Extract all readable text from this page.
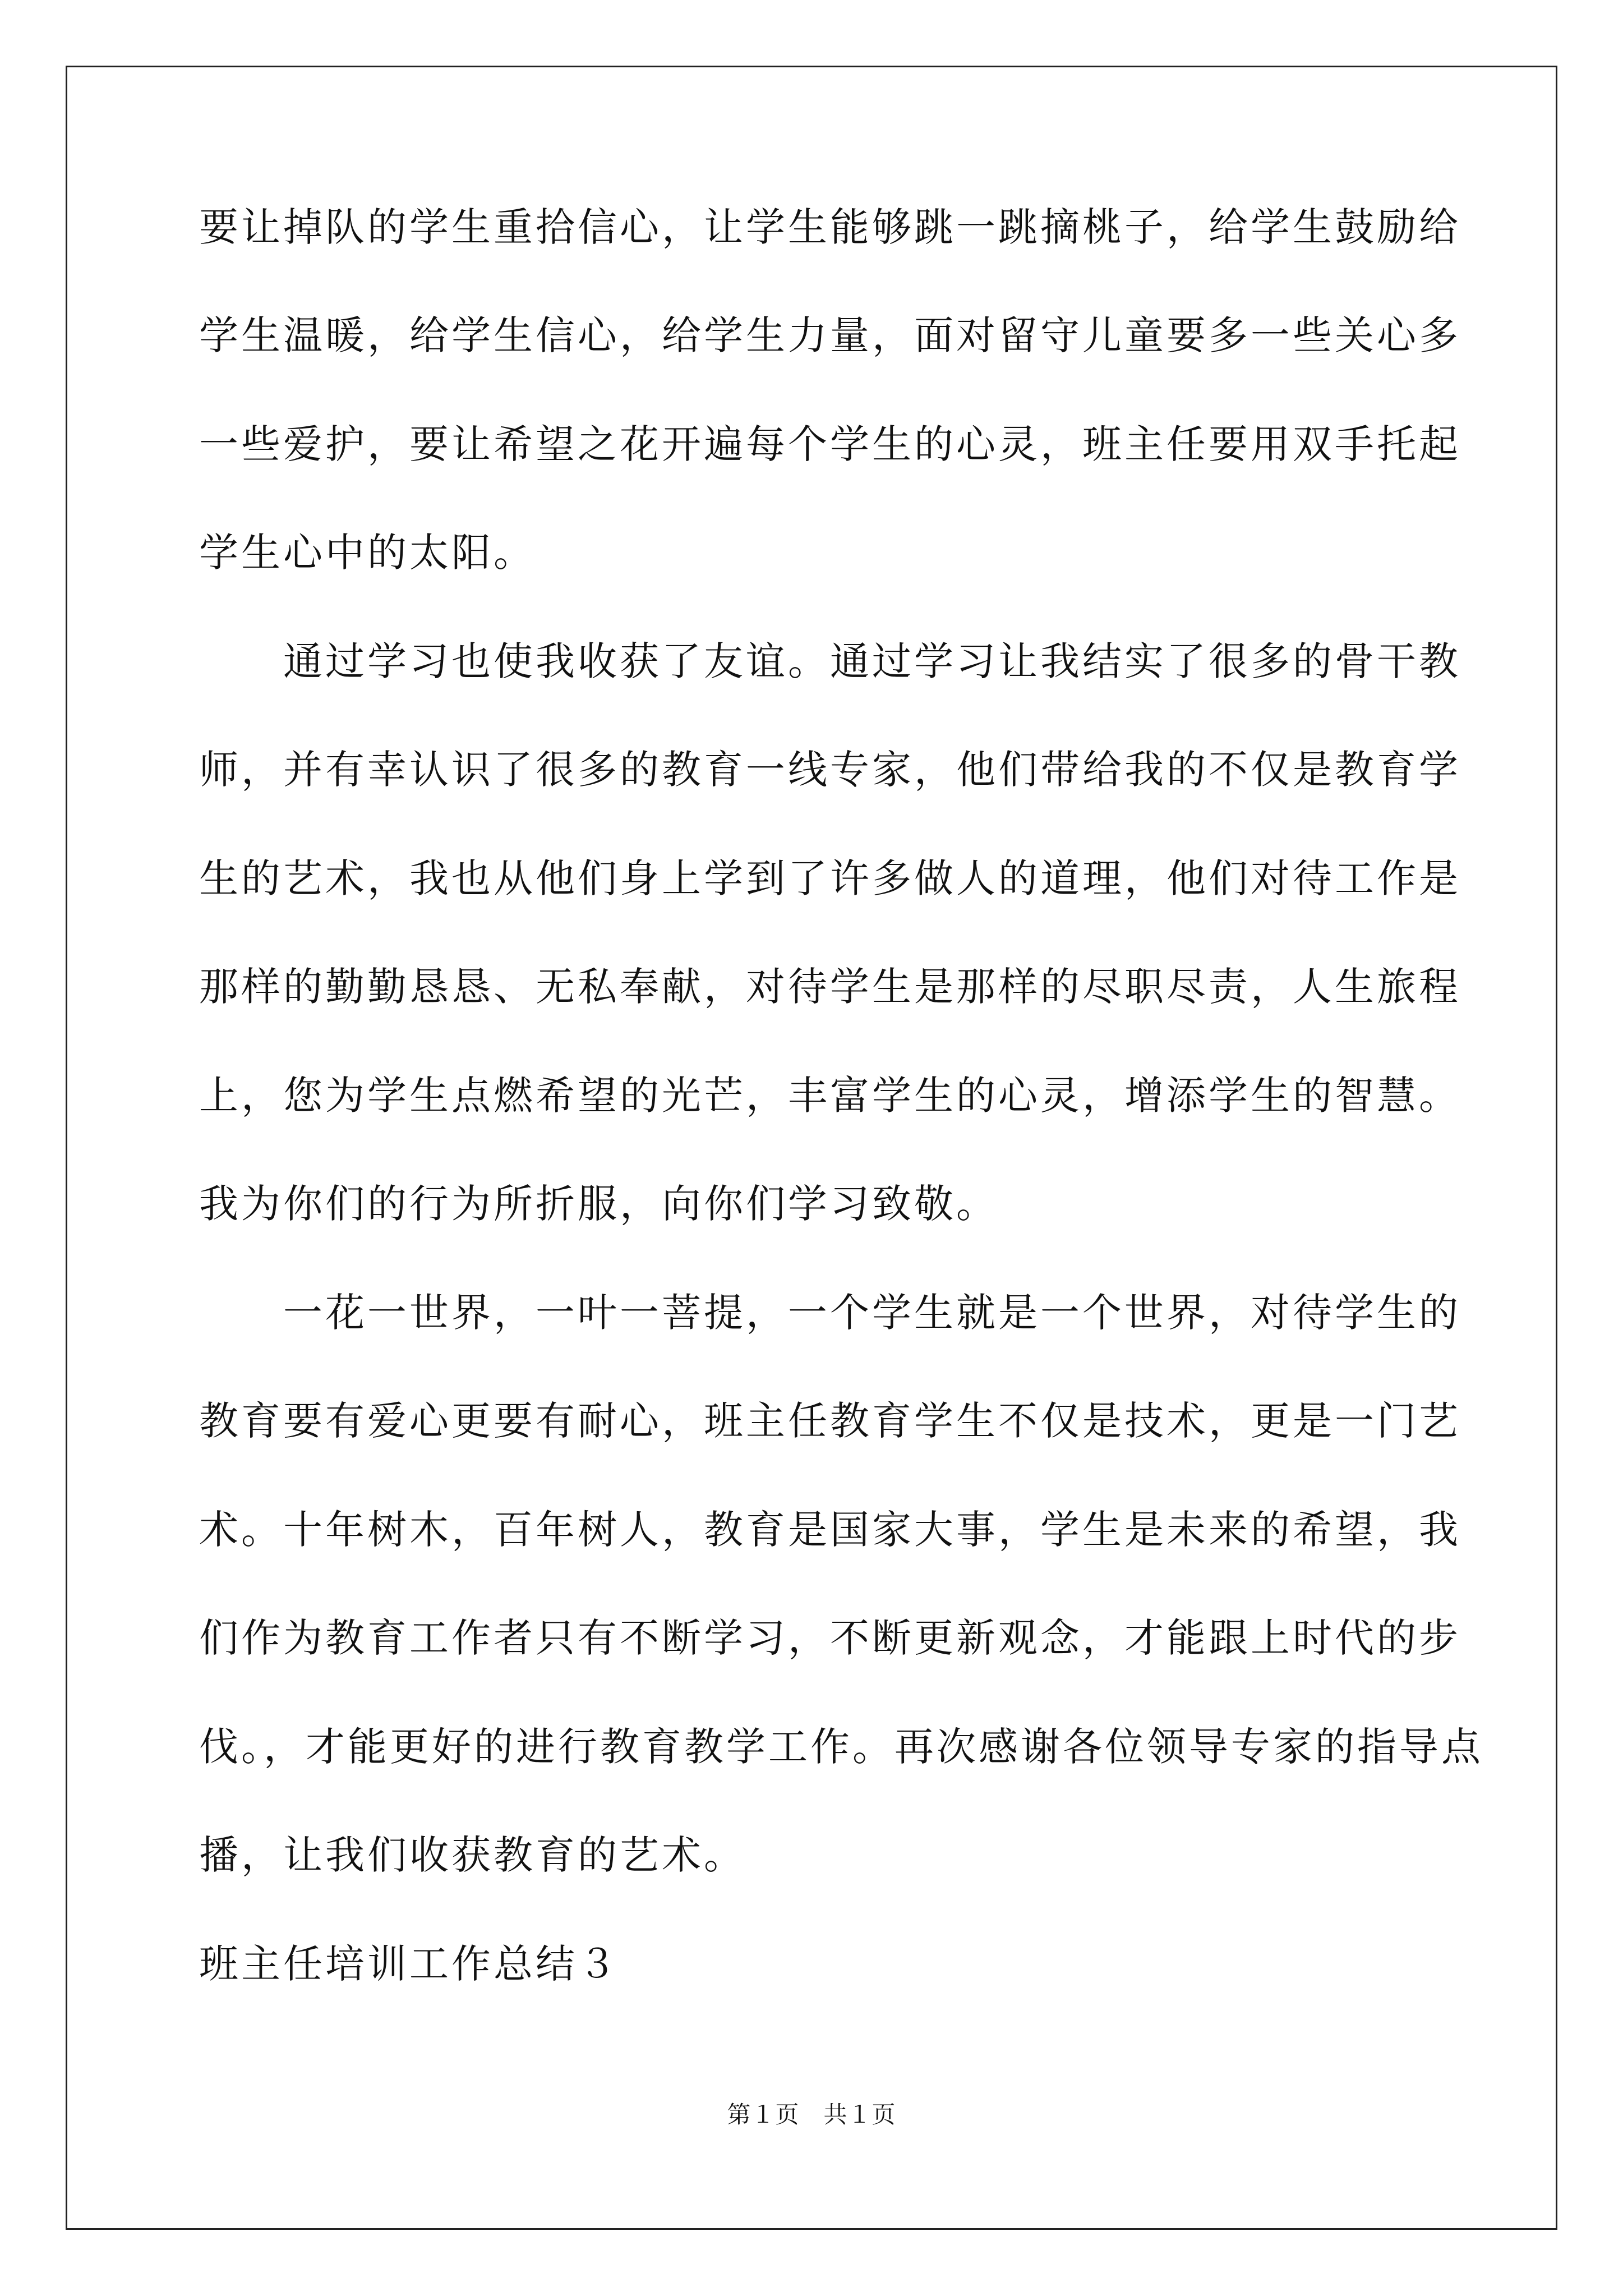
要让掉队的学生重拾信心，让学生能够跳一跳摘桃子，给学生鼓励给
学生温暖，给学生信心，给学生力量，面对留守儿童要多一些关心多
一些爱护，要让希望之花开遍每个学生的心灵，班主任要用双手托起
学生心中的太阳。
　　通过学习也使我收获了友谊。通过学习让我结实了很多的骨干教
师，并有幸认识了很多的教育一线专家，他们带给我的不仅是教育学
生的艺术，我也从他们身上学到了许多做人的道理，他们对待工作是
那样的勤勤恳恳、无私奉献，对待学生是那样的尽职尽责，人生旅程
上，您为学生点燃希望的光芒，丰富学生的心灵，增添学生的智慧。
我为你们的行为所折服，向你们学习致敬。
　　一花一世界，一叶一菩提，一个学生就是一个世界，对待学生的
教育要有爱心更要有耐心，班主任教育学生不仅是技术，更是一门艺
术。十年树木，百年树人，教育是国家大事，学生是未来的希望，我
们作为教育工作者只有不断学习，不断更新观念，才能跟上时代的步
伐。，才能更好的进行教育教学工作。再次感谢各位领导专家的指导点
播，让我们收获教育的艺术。
班主任培训工作总结３
第１页　共１页
